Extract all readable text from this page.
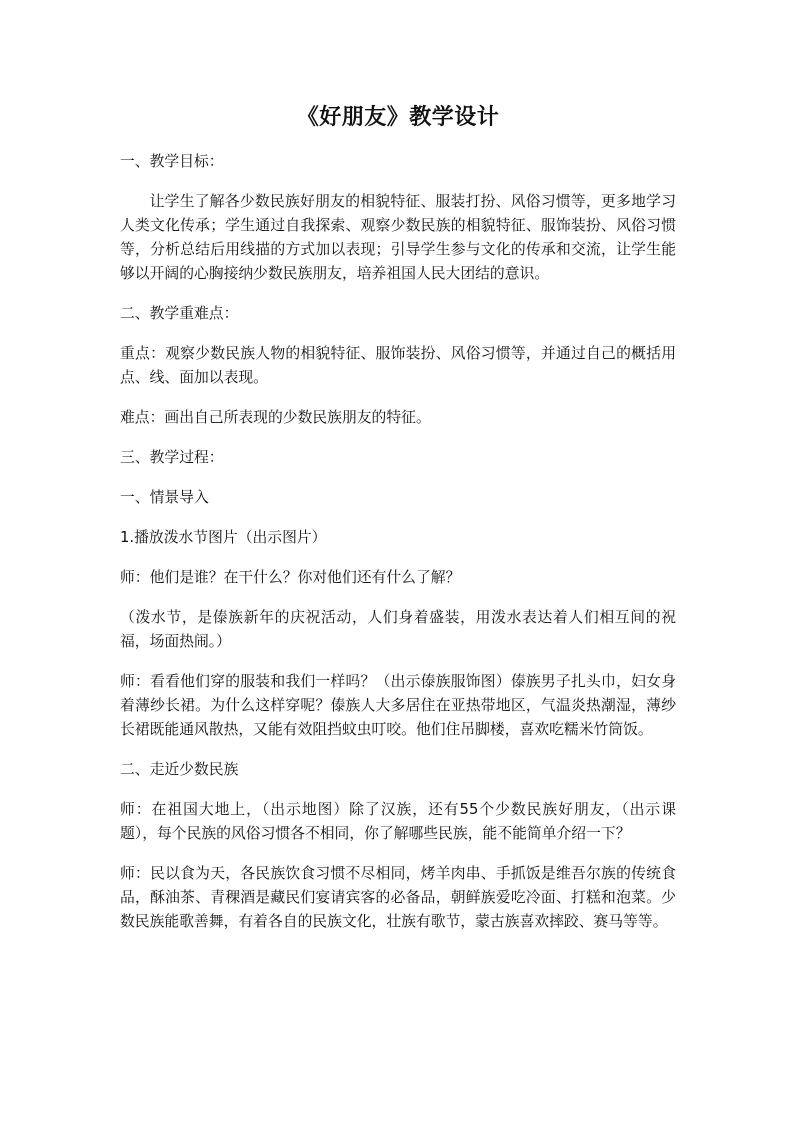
《好朋友》教学设计

一、教学目标：

让学生了解各少数民族好朋友的相貌特征、服装打扮、风俗习惯等，更多地学习人类文化传承；学生通过自我探索、观察少数民族的相貌特征、服饰装扮、风俗习惯等，分析总结后用线描的方式加以表现；引导学生参与文化的传承和交流，让学生能够以开阔的心胸接纳少数民族朋友，培养祖国人民大团结的意识。

二、教学重难点：

重点：观察少数民族人物的相貌特征、服饰装扮、风俗习惯等，并通过自己的概括用点、线、面加以表现。

难点：画出自己所表现的少数民族朋友的特征。

三、教学过程：

一、情景导入

1.播放泼水节图片（出示图片）

师：他们是谁？在干什么？你对他们还有什么了解？

（泼水节，是傣族新年的庆祝活动，人们身着盛装，用泼水表达着人们相互间的祝福，场面热闹。）

师：看看他们穿的服装和我们一样吗？（出示傣族服饰图）傣族男子扎头巾，妇女身着薄纱长裙。为什么这样穿呢？傣族人大多居住在亚热带地区，气温炎热潮湿，薄纱长裙既能通风散热，又能有效阻挡蚊虫叮咬。他们住吊脚楼，喜欢吃糯米竹筒饭。

二、走近少数民族

师：在祖国大地上，（出示地图）除了汉族，还有55个少数民族好朋友，（出示课题），每个民族的风俗习惯各不相同，你了解哪些民族，能不能简单介绍一下？

师：民以食为天，各民族饮食习惯不尽相同，烤羊肉串、手抓饭是维吾尔族的传统食品，酥油茶、青稞酒是藏民们宴请宾客的必备品，朝鲜族爱吃冷面、打糕和泡菜。少数民族能歌善舞，有着各自的民族文化，壮族有歌节，蒙古族喜欢摔跤、赛马等等。
